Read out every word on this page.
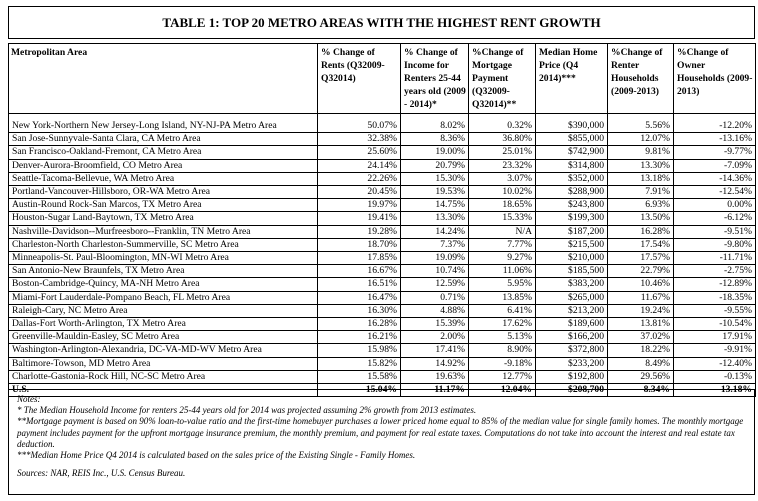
TABLE 1: TOP 20 METRO AREAS WITH THE HIGHEST RENT GROWTH
Metropolitan Area	% Change of Rents (Q32009-Q32014)	% Change of Income for Renters 25-44 years old (2009 - 2014)*	%Change of Mortgage Payment (Q32009-Q32014)**	Median Home Price (Q4 2014)***	%Change of Renter Households (2009-2013)	%Change of Owner Households (2009-2013)

New York-Northern New Jersey-Long Island, NY-NJ-PA Metro Area	50.07%	8.02%	0.32%	$390,000	5.56%	-12.20%
San Jose-Sunnyvale-Santa Clara, CA Metro Area	32.38%	8.36%	36.80%	$855,000	12.07%	-13.16%
San Francisco-Oakland-Fremont, CA Metro Area	25.60%	19.00%	25.01%	$742,900	9.81%	-9.77%
Denver-Aurora-Broomfield, CO Metro Area	24.14%	20.79%	23.32%	$314,800	13.30%	-7.09%
Seattle-Tacoma-Bellevue, WA Metro Area	22.26%	15.30%	3.07%	$352,000	13.18%	-14.36%
Portland-Vancouver-Hillsboro, OR-WA Metro Area	20.45%	19.53%	10.02%	$288,900	7.91%	-12.54%
Austin-Round Rock-San Marcos, TX Metro Area	19.97%	14.75%	18.65%	$243,800	6.93%	0.00%
Houston-Sugar Land-Baytown, TX Metro Area	19.41%	13.30%	15.33%	$199,300	13.50%	-6.12%
Nashville-Davidson--Murfreesboro--Franklin, TN Metro Area	19.28%	14.24%	N/A	$187,200	16.28%	-9.51%
Charleston-North Charleston-Summerville, SC Metro Area	18.70%	7.37%	7.77%	$215,500	17.54%	-9.80%
Minneapolis-St. Paul-Bloomington, MN-WI Metro Area	17.85%	19.09%	9.27%	$210,000	17.57%	-11.71%
San Antonio-New Braunfels, TX Metro Area	16.67%	10.74%	11.06%	$185,500	22.79%	-2.75%
Boston-Cambridge-Quincy, MA-NH Metro Area	16.51%	12.59%	5.95%	$383,200	10.46%	-12.89%
Miami-Fort Lauderdale-Pompano Beach, FL Metro Area	16.47%	0.71%	13.85%	$265,000	11.67%	-18.35%
Raleigh-Cary, NC Metro Area	16.30%	4.88%	6.41%	$213,200	19.24%	-9.55%
Dallas-Fort Worth-Arlington, TX Metro Area	16.28%	15.39%	17.62%	$189,600	13.81%	-10.54%
Greenville-Mauldin-Easley, SC Metro Area	16.21%	2.00%	5.13%	$166,200	37.02%	17.91%
Washington-Arlington-Alexandria, DC-VA-MD-WV Metro Area	15.98%	17.41%	8.90%	$372,800	18.22%	-9.91%
Baltimore-Towson, MD Metro Area	15.82%	14.92%	-9.18%	$233,200	8.49%	-12.40%
Charlotte-Gastonia-Rock Hill, NC-SC Metro Area	15.58%	19.63%	12.77%	$192,800	29.56%	-0.13%
U.S.	15.04%	11.17%	12.04%	$208,700	8.34%	-13.18%

Notes:

* The Median Household Income for renters 25-44 years old for 2014 was projected assuming 2% growth from 2013 estimates.

**Mortgage payment is based on 90% loan-to-value ratio and the first-time homebuyer purchases a lower priced home equal to 85% of the median value for single family homes. The monthly mortgage payment includes payment for the upfront mortgage insurance premium, the monthly premium, and payment for real estate taxes. Computations do not take into account the interest and real estate tax deduction.

***Median Home Price Q4 2014 is calculated based on the sales price of the Existing Single - Family Homes.

Sources: NAR, REIS Inc., U.S. Census Bureau.
